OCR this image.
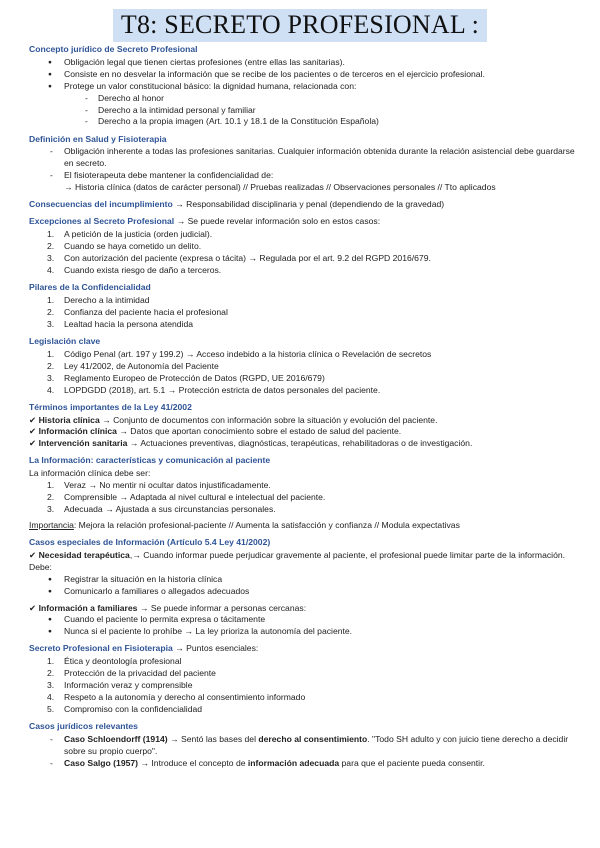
T8: SECRETO PROFESIONAL :
Concepto jurídico de Secreto Profesional
● Obligación legal que tienen ciertas profesiones (entre ellas las sanitarias).
● Consiste en no desvelar la información que se recibe de los pacientes o de terceros en el ejercicio profesional.
● Protege un valor constitucional básico: la dignidad humana, relacionada con:
- Derecho al honor
- Derecho a la intimidad personal y familiar
- Derecho a la propia imagen (Art. 10.1 y 18.1 de la Constitución Española)
Definición en Salud y Fisioterapia
- Obligación inherente a todas las profesiones sanitarias. Cualquier información obtenida durante la relación asistencial debe guardarse en secreto.
- El fisioterapeuta debe mantener la confidencialidad de:
→ Historia clínica (datos de carácter personal) // Pruebas realizadas // Observaciones personales // Tto aplicados
Consecuencias del incumplimiento → Responsabilidad disciplinaria y penal (dependiendo de la gravedad)
Excepciones al Secreto Profesional → Se puede revelar información solo en estos casos:
1. A petición de la justicia (orden judicial).
2. Cuando se haya cometido un delito.
3. Con autorización del paciente (expresa o tácita) → Regulada por el art. 9.2 del RGPD 2016/679.
4. Cuando exista riesgo de daño a terceros.
Pilares de la Confidencialidad
1. Derecho a la intimidad
2. Confianza del paciente hacia el profesional
3. Lealtad hacia la persona atendida
Legislación clave
1. Código Penal (art. 197 y 199.2) → Acceso indebido a la historia clínica o Revelación de secretos
2. Ley 41/2002, de Autonomía del Paciente
3. Reglamento Europeo de Protección de Datos (RGPD, UE 2016/679)
4. LOPDGDD (2018), art. 5.1 → Protección estricta de datos personales del paciente.
Términos importantes de la Ley 41/2002
✔ Historia clínica → Conjunto de documentos con información sobre la situación y evolución del paciente.
✔ Información clínica → Datos que aportan conocimiento sobre el estado de salud del paciente.
✔ Intervención sanitaria → Actuaciones preventivas, diagnósticas, terapéuticas, rehabilitadoras o de investigación.
La Información: características y comunicación al paciente
La información clínica debe ser:
1. Veraz → No mentir ni ocultar datos injustificadamente.
2. Comprensible → Adaptada al nivel cultural e intelectual del paciente.
3. Adecuada → Ajustada a sus circunstancias personales.
Importancia: Mejora la relación profesional-paciente // Aumenta la satisfacción y confianza // Modula expectativas
Casos especiales de Información (Artículo 5.4 Ley 41/2002)
✔ Necesidad terapéutica,→ Cuando informar puede perjudicar gravemente al paciente, el profesional puede limitar parte de la información. Debe:
● Registrar la situación en la historia clínica
● Comunicarlo a familiares o allegados adecuados
✔ Información a familiares → Se puede informar a personas cercanas:
● Cuando el paciente lo permita expresa o tácitamente
● Nunca si el paciente lo prohíbe → La ley prioriza la autonomía del paciente.
Secreto Profesional en Fisioterapia → Puntos esenciales:
1. Ética y deontología profesional
2. Protección de la privacidad del paciente
3. Información veraz y comprensible
4. Respeto a la autonomía y derecho al consentimiento informado
5. Compromiso con la confidencialidad
Casos jurídicos relevantes
- Caso Schloendorff (1914) → Sentó las bases del derecho al consentimiento. "Todo SH adulto y con juicio tiene derecho a decidir sobre su propio cuerpo".
- Caso Salgo (1957) → Introduce el concepto de información adecuada para que el paciente pueda consentir.
